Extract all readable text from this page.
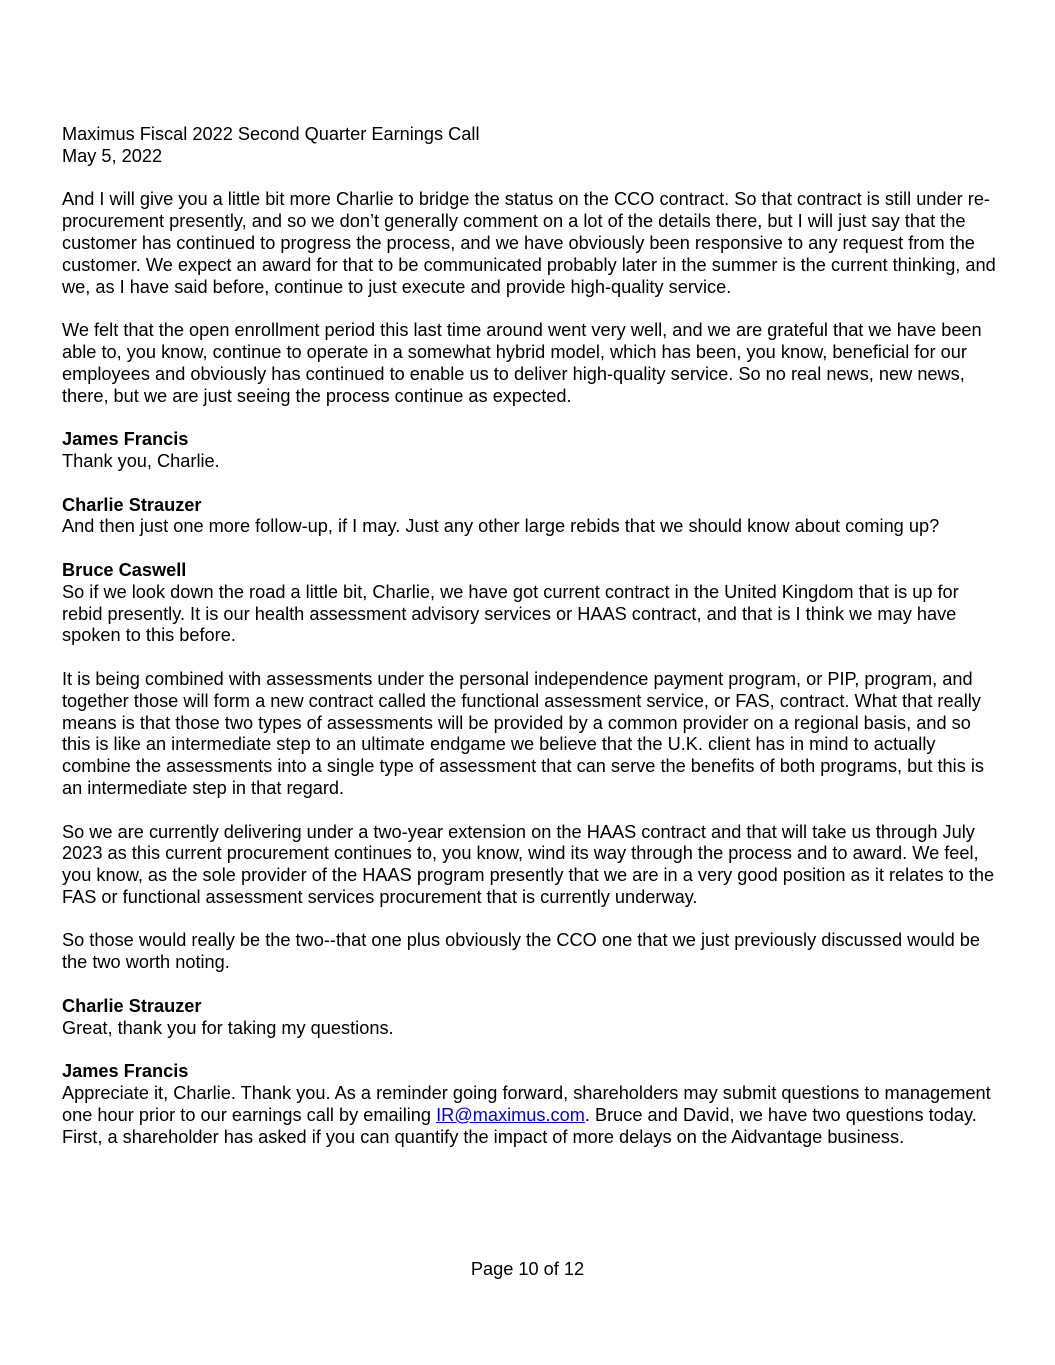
Maximus Fiscal 2022 Second Quarter Earnings Call
May 5, 2022

And I will give you a little bit more Charlie to bridge the status on the CCO contract. So that contract is still under re-procurement presently, and so we don’t generally comment on a lot of the details there, but I will just say that the customer has continued to progress the process, and we have obviously been responsive to any request from the customer. We expect an award for that to be communicated probably later in the summer is the current thinking, and we, as I have said before, continue to just execute and provide high-quality service.

We felt that the open enrollment period this last time around went very well, and we are grateful that we have been able to, you know, continue to operate in a somewhat hybrid model, which has been, you know, beneficial for our employees and obviously has continued to enable us to deliver high-quality service. So no real news, new news, there, but we are just seeing the process continue as expected.

James Francis
Thank you, Charlie.
Charlie Strauzer
And then just one more follow-up, if I may. Just any other large rebids that we should know about coming up?
Bruce Caswell
So if we look down the road a little bit, Charlie, we have got current contract in the United Kingdom that is up for rebid presently. It is our health assessment advisory services or HAAS contract, and that is I think we may have spoken to this before.

It is being combined with assessments under the personal independence payment program, or PIP, program, and together those will form a new contract called the functional assessment service, or FAS, contract. What that really means is that those two types of assessments will be provided by a common provider on a regional basis, and so this is like an intermediate step to an ultimate endgame we believe that the U.K. client has in mind to actually combine the assessments into a single type of assessment that can serve the benefits of both programs, but this is an intermediate step in that regard.

So we are currently delivering under a two-year extension on the HAAS contract and that will take us through July 2023 as this current procurement continues to, you know, wind its way through the process and to award. We feel, you know, as the sole provider of the HAAS program presently that we are in a very good position as it relates to the FAS or functional assessment services procurement that is currently underway.

So those would really be the two--that one plus obviously the CCO one that we just previously discussed would be the two worth noting.

Charlie Strauzer
Great, thank you for taking my questions.
James Francis
Appreciate it, Charlie. Thank you. As a reminder going forward, shareholders may submit questions to management one hour prior to our earnings call by emailing IR@maximus.com. Bruce and David, we have two questions today. First, a shareholder has asked if you can quantify the impact of more delays on the Aidvantage business.
Page 10 of 12
